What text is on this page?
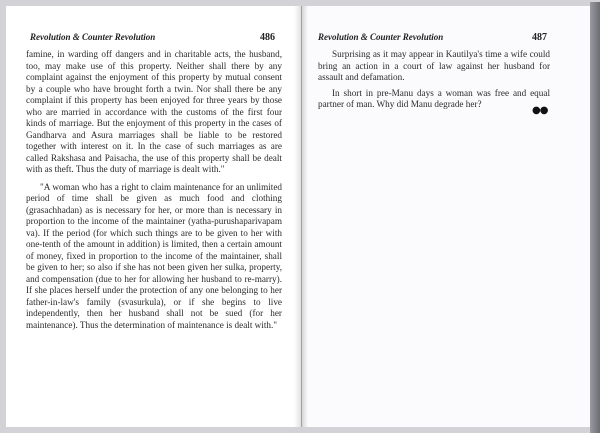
Revolution & Counter Revolution	486

famine, in warding off dangers and in charitable acts, the husband, too, may make use of this property. Neither shall there by any complaint against the enjoyment of this property by mutual consent by a couple who have brought forth a twin. Nor shall there be any complaint if this property has been enjoyed for three years by those who are married in accordance with the customs of the first four kinds of marriage. But the enjoyment of this property in the cases of Gandharva and Asura marriages shall be liable to be restored together with interest on it. In the case of such marriages as are called Rakshasa and Paisacha, the use of this property shall be dealt with as theft. Thus the duty of marriage is dealt with."

"A woman who has a right to claim maintenance for an unlimited period of time shall be given as much food and clothing (grasachhadan) as is necessary for her, or more than is necessary in proportion to the income of the maintainer (yatha-purushaparivapam va). If the period (for which such things are to be given to her with one-tenth of the amount in addition) is limited, then a certain amount of money, fixed in proportion to the income of the maintainer, shall be given to her; so also if she has not been given her sulka, property, and compensation (due to her for allowing her husband to re-marry). If she places herself under the protection of any one belonging to her father-in-law's family (svasurkula), or if she begins to live independently, then her husband shall not be sued (for her maintenance). Thus the determination of maintenance is dealt with."

Revolution & Counter Revolution	487

Surprising as it may appear in Kautilya's time a wife could bring an action in a court of law against her husband for assault and defamation.

In short in pre-Manu days a woman was free and equal partner of man. Why did Manu degrade her?

●●
